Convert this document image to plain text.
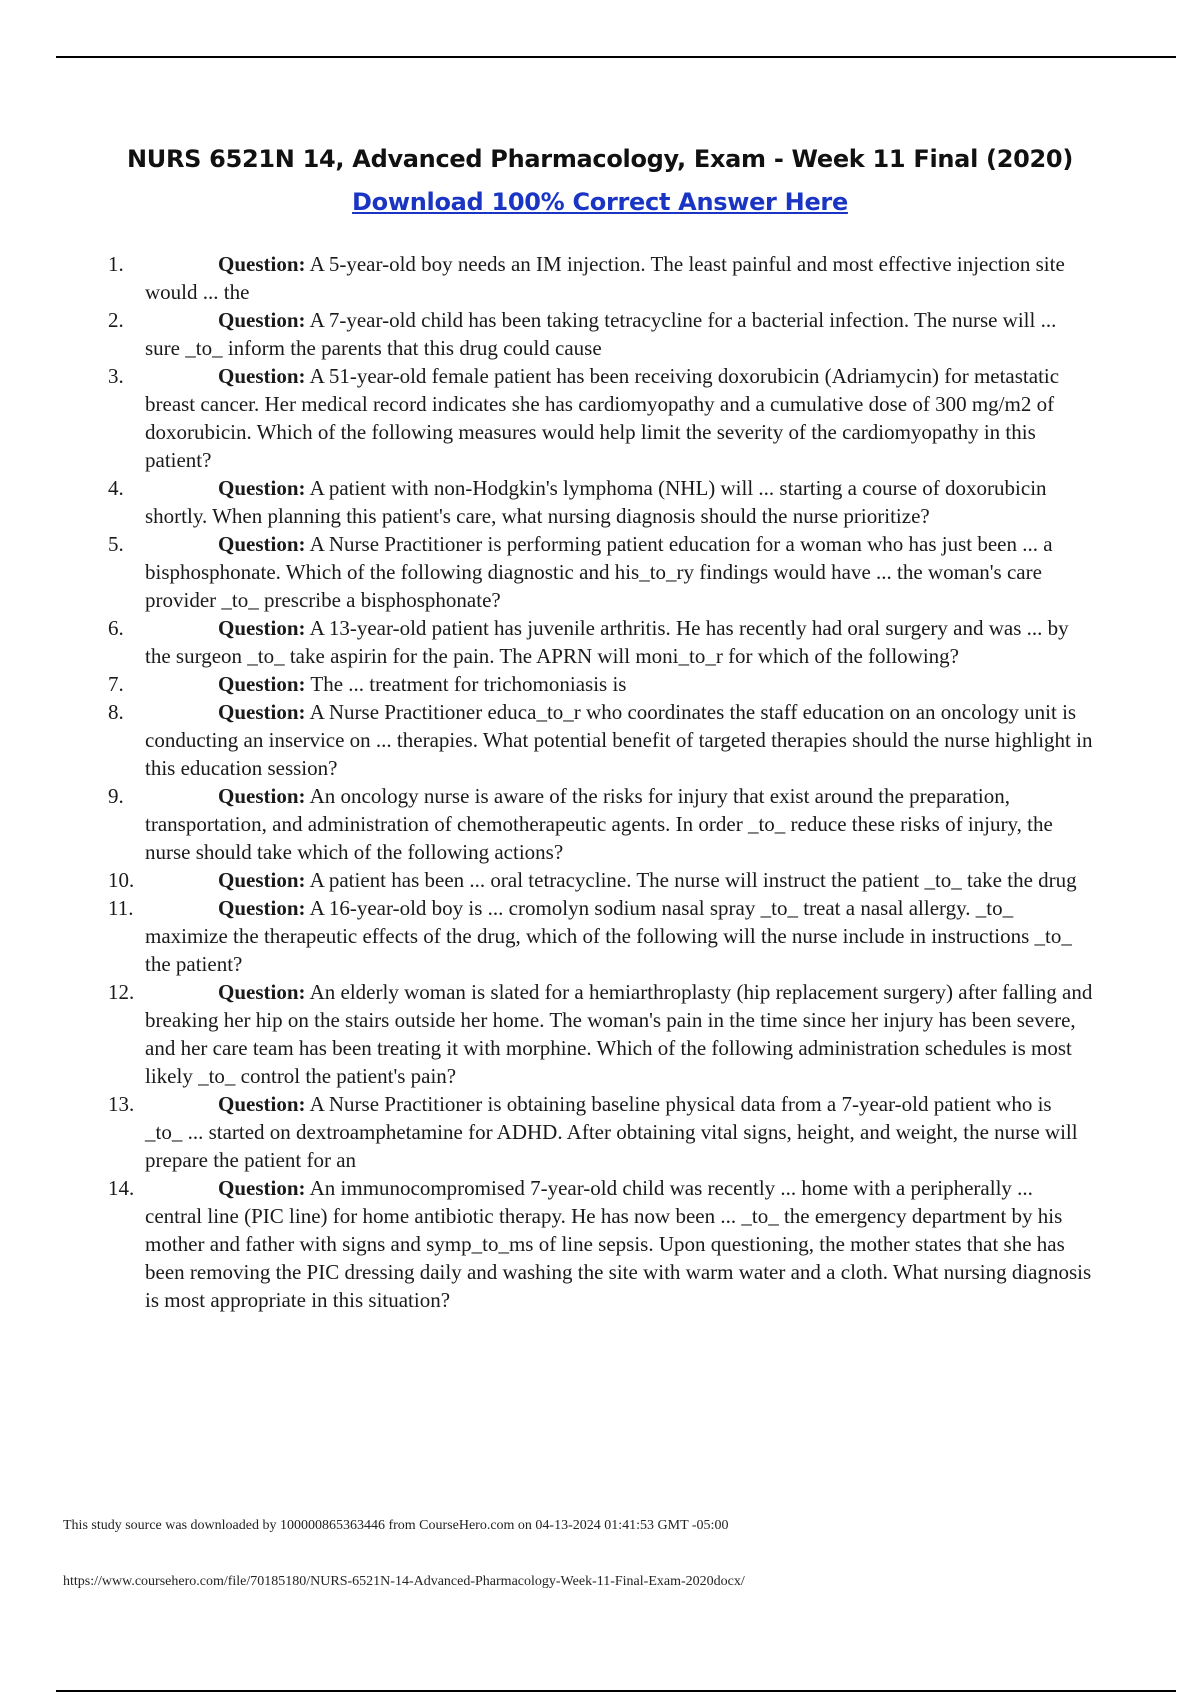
NURS 6521N 14, Advanced Pharmacology, Exam - Week 11 Final (2020)
Download 100% Correct Answer Here
1.	Question: A 5-year-old boy needs an IM injection. The least painful and most effective injection site would ... the
2.	Question: A 7-year-old child has been taking tetracycline for a bacterial infection. The nurse will ... sure _to_ inform the parents that this drug could cause
3.	Question: A 51-year-old female patient has been receiving doxorubicin (Adriamycin) for metastatic breast cancer. Her medical record indicates she has cardiomyopathy and a cumulative dose of 300 mg/m2 of doxorubicin. Which of the following measures would help limit the severity of the cardiomyopathy in this patient?
4.	Question: A patient with non-Hodgkin's lymphoma (NHL) will ... starting a course of doxorubicin shortly. When planning this patient's care, what nursing diagnosis should the nurse prioritize?
5.	Question: A Nurse Practitioner is performing patient education for a woman who has just been ... a bisphosphonate. Which of the following diagnostic and his_to_ry findings would have ... the woman's care provider _to_ prescribe a bisphosphonate?
6.	Question: A 13-year-old patient has juvenile arthritis. He has recently had oral surgery and was ... by the surgeon _to_ take aspirin for the pain. The APRN will moni_to_r for which of the following?
7.	Question: The ... treatment for trichomoniasis is
8.	Question: A Nurse Practitioner educa_to_r who coordinates the staff education on an oncology unit is conducting an inservice on ... therapies. What potential benefit of targeted therapies should the nurse highlight in this education session?
9.	Question: An oncology nurse is aware of the risks for injury that exist around the preparation, transportation, and administration of chemotherapeutic agents. In order _to_ reduce these risks of injury, the nurse should take which of the following actions?
10.	Question: A patient has been ... oral tetracycline. The nurse will instruct the patient _to_ take the drug
11.	Question: A 16-year-old boy is ... cromolyn sodium nasal spray _to_ treat a nasal allergy. _to_ maximize the therapeutic effects of the drug, which of the following will the nurse include in instructions _to_ the patient?
12.	Question: An elderly woman is slated for a hemiarthroplasty (hip replacement surgery) after falling and breaking her hip on the stairs outside her home. The woman's pain in the time since her injury has been severe, and her care team has been treating it with morphine. Which of the following administration schedules is most likely _to_ control the patient's pain?
13.	Question: A Nurse Practitioner is obtaining baseline physical data from a 7-year-old patient who is _to_ ... started on dextroamphetamine for ADHD. After obtaining vital signs, height, and weight, the nurse will prepare the patient for an
14.	Question: An immunocompromised 7-year-old child was recently ... home with a peripherally ... central line (PIC line) for home antibiotic therapy. He has now been ... _to_ the emergency department by his mother and father with signs and symp_to_ms of line sepsis. Upon questioning, the mother states that she has been removing the PIC dressing daily and washing the site with warm water and a cloth. What nursing diagnosis is most appropriate in this situation?
This study source was downloaded by 100000865363446 from CourseHero.com on 04-13-2024 01:41:53 GMT -05:00
https://www.coursehero.com/file/70185180/NURS-6521N-14-Advanced-Pharmacology-Week-11-Final-Exam-2020docx/
